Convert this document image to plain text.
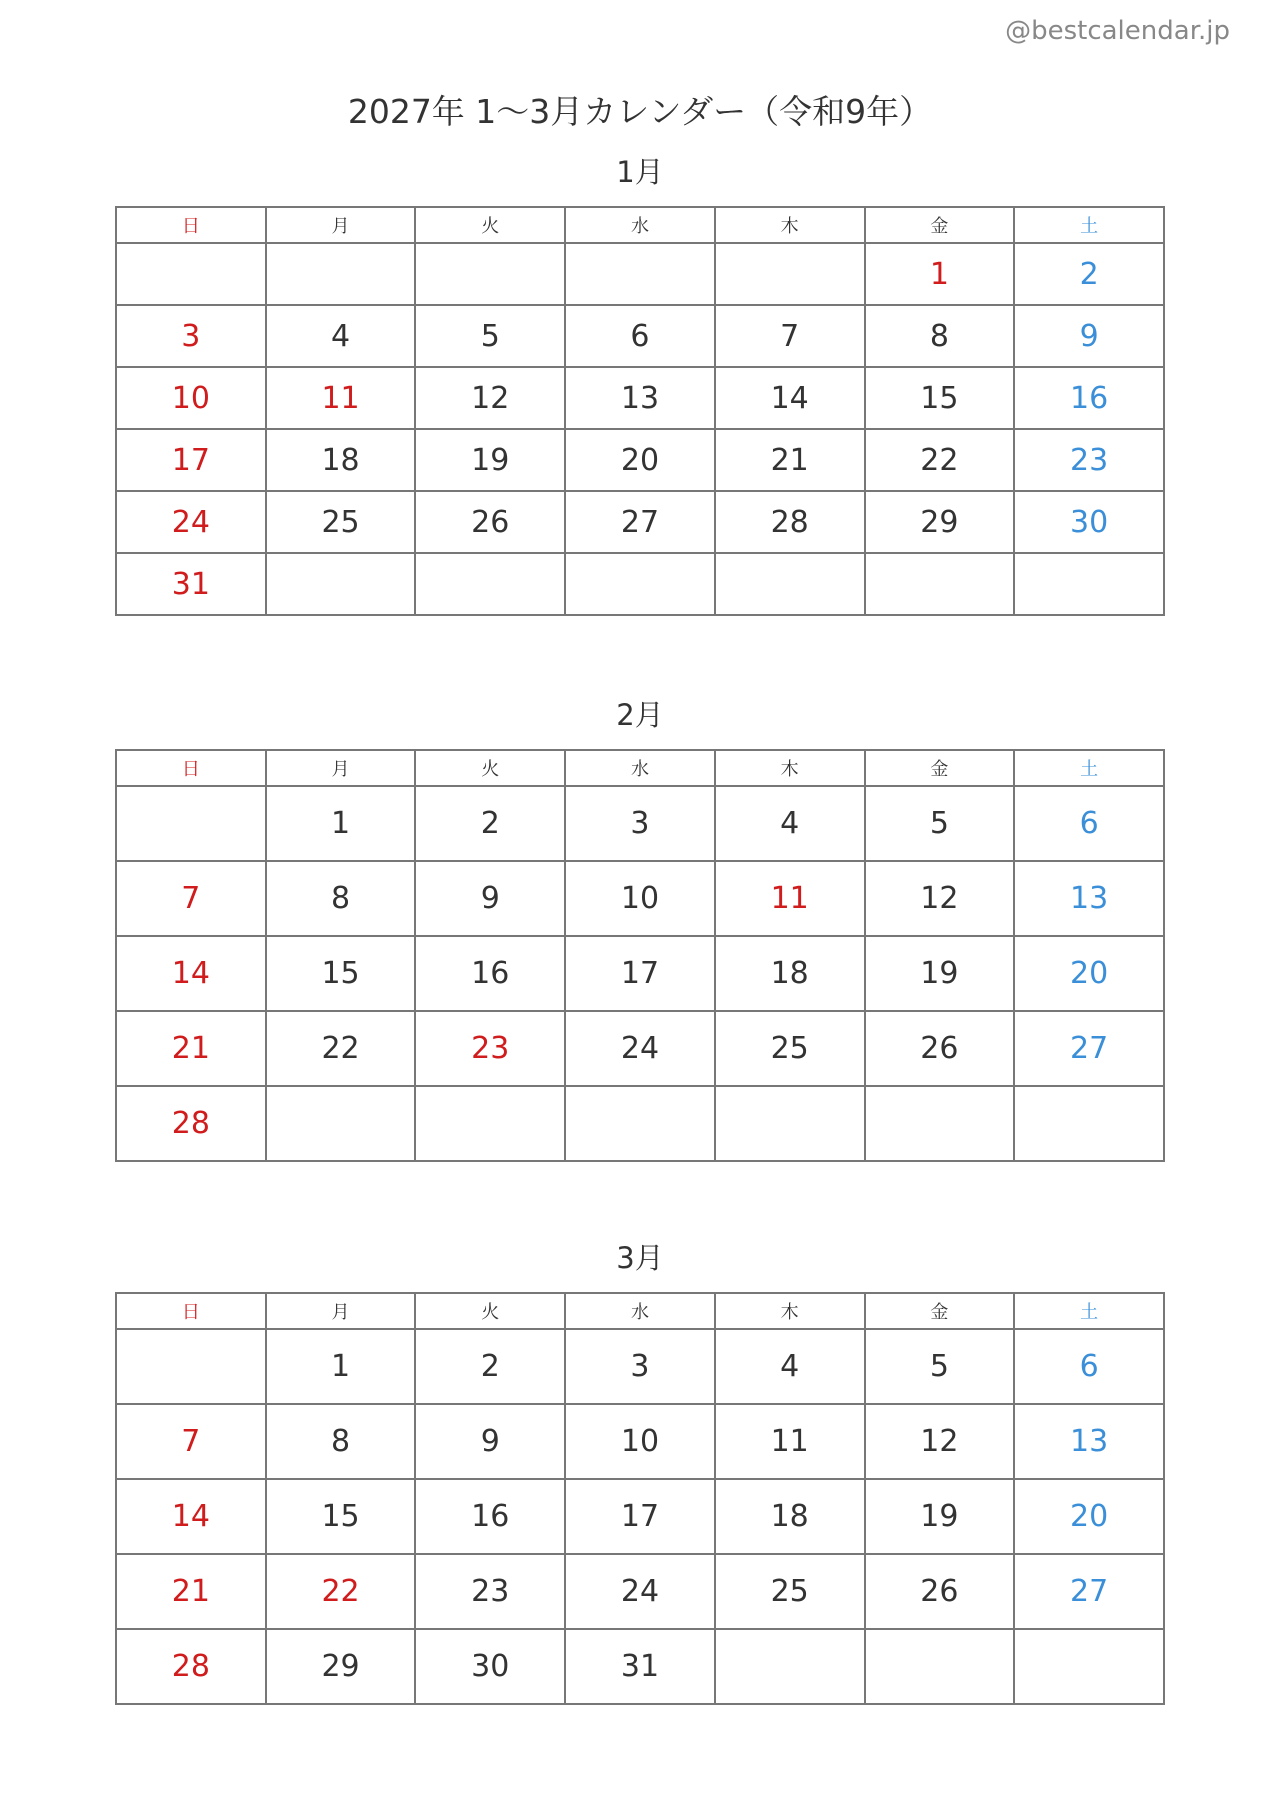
@bestcalendar.jp
2027年 1〜3月カレンダー（令和9年）
1月
日	月	火	水	木	金	土
					1	2
3	4	5	6	7	8	9
10	11	12	13	14	15	16
17	18	19	20	21	22	23
24	25	26	27	28	29	30
31						
2月
日	月	火	水	木	金	土
	1	2	3	4	5	6
7	8	9	10	11	12	13
14	15	16	17	18	19	20
21	22	23	24	25	26	27
28						
3月
日	月	火	水	木	金	土
	1	2	3	4	5	6
7	8	9	10	11	12	13
14	15	16	17	18	19	20
21	22	23	24	25	26	27
28	29	30	31			
